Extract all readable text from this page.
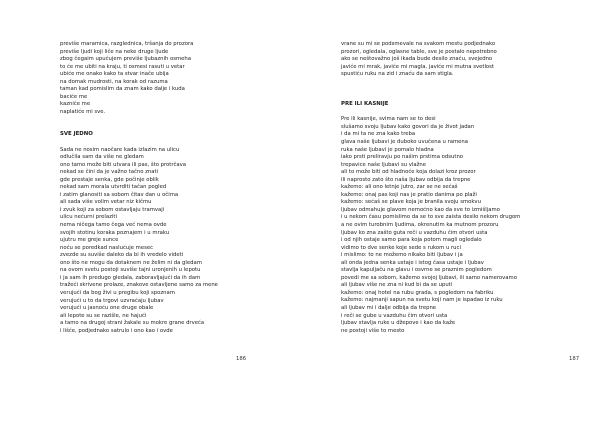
previše maramica, razglednica, tršanja do prozora
previše ljudi koji liče na neke druge ljude
zbog čegaim upućujem previše ljubaznih osmeha
to će me ubiti na kraju, ti osmesi rasuti u vetar
ubiće me onako kako ta stvar inače ubija
na domak mudrosti, na korak od razuma
taman kad pomislim da znam kako dalje i kuda
baciće me
kazniće me
naplatiće mi sve.
SVE JEDNO
Sada ne nosim naočare kada izlazim na ulicu
odlučila sam da više ne gledam
ono tamo može biti utvara ili pas, što protrčava
nekad se čini da je važno tačno znati
gde prestaje senka, gde počinje oblik
nekad sam morala utvrditi tačan pogled
i zatim glanositi sa sobom čitav dan u očima
ali sada više volim vetar niz kičmu
i zvuk koji za sobom ostavljaju tramvaji
ulicu nećurni prelaziti
nema ničega tamo čega već nema ovde
svojih stotinu koraka poznajem i u mraku
ujutru me greje sunce
noću se poredkad naslućuje mesec
zvezde su suviše daleko da bi ih vredelo videti
ono što ne mogu da dotaknem ne želim ni da gledam
na ovom svetu postoji suviše tajni uronjenih u lepotu
i ja sam ih predugo gledala, zaboravljajući da ih dam
tražeći skrivene prolaze, znakove ostavljene samo za mene
verujući da bog živi u pregibu koji spoznam
verujući u to da trgovi uzvraćaju ljubav
verujući u jasnoću one druge obale
ali lepote su se razišle, ne hajući
a tamo na drugoj strani žakale su mokre grane drveća
i lišće, podjednako satrulo i ono kao i ovde
186
vrane su mi se podsmevale na svakom mestu podjednako
prozori, ogledala, oglasne table, sve je postalo nepotrebno
ako se neštovažno još ikada bude desilo znaću, svejedno
javiće mi mrak, javiće mi magla, javiće mi mutna svetlost
spustiću ruku na zid i znaću da sam stigla.
PRE ILI KASNIJE
Pre ili kasnije, svima nam se to desi
slušamo svoju ljubav kako govori da je život jadan
i da mi ta ne zna kako treba
glava naše ljubavi je duboko uvučena u ramena
ruka naše ljubavi je pomalo hladna
iako prsti preliravju po našim prstima odsutno
trepavice naše ljubavi su vlažne
ali to može biti od hladnoće koja dolazi kroz prozor
ili naprosto zato što naša ljubav odbija da trepne
kažemo: ali ono letnje jutro, zar se ne sećaš
kažemo: onaj pas koji nas je pratio danima po plaži
kažemo: sećaš se plave koja je branila svoju smokvu
ljubav odmahuje glavom nemoćno kao da sve to izmišljamo
i u nekom času pomislimo da se to sve zaista desilo nekom drugom
a ne ovim turobnim ljudima, okrenutim ka mutnom prozoru
ljubav ko zna zašto guta reči u vazduhu čim otvori usta
i od njih ostaje samo para koja potom magli ogledalo
vidimo to dve senke koje sede s rukom u ruci
i mislimo: to ne možemo nikako biti ljubav i ja
ali onda jedna senka ustaje i istog časa ustaje i ljubav
stavlja kapuljaču na glavu i osvrne se praznim pogledom
povedi me sa sobom, kažemo svojoj ljubavi, ili samo namerovamo
ali ljubav više ne zna ni kud bi da se uputi
kažemo: onaj hotel na rubu grada, s pogledom na fabriku
kažemo: najmanji sapun na svetu koji nam je ispadao iz ruku
ali ljubav mi i dalje odbija da trepne
i reči se gube u vazduhu čim otvori usta
ljubav stavlja ruke u džepove i kao da kaže
ne postoji više to mesto
187
